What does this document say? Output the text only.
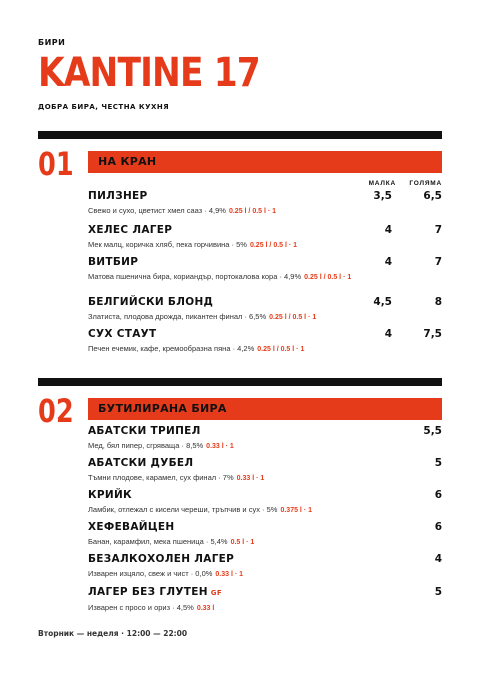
БИРИ
KANTINE 17
ДОБРА БИРА, ЧЕСТНА КУХНЯ
01	НА КРАН
МАЛКА ГОЛЯМА
ПИЛЗНЕР
Свежо и сухо, цветист хмел сааз · 4,9% 0.25 l / 0.5 l · 1
3,5	6,5
ХЕЛЕС ЛАГЕР
Мек малц, коричка хляб, пека горчивина · 5% 0.25 l / 0.5 l · 1
4	7
ВИТБИР
Матова пшенична бира, кориандър, портокалова кора · 4,9% 0.25 l / 0.5 l · 1
4	7
БЕЛГИЙСКИ БЛОНД
Златиста, плодова дрожда, пикантен финал · 6,5% 0.25 l / 0.5 l · 1
4,5	8
СУХ СТАУТ
Печен ечемик, кафе, кремообразна пяна · 4,2% 0.25 l / 0.5 l · 1
4	7,5
02	БУТИЛИРАНА БИРА
АБАТСКИ ТРИПЕЛ
Мед, бял пипер, сгряваща · 8,5% 0.33 l · 1
5,5
АБАТСКИ ДУБЕЛ
Тъмни плодове, карамел, сух финал · 7% 0.33 l · 1
5
КРИЙК
Ламбик, отлежал с кисели череши, тръпчив и сух · 5% 0.375 l · 1
6
ХЕФЕВАЙЦЕН
Банан, карамфил, мека пшеница · 5,4% 0.5 l · 1
6
БЕЗАЛКОХОЛЕН ЛАГЕР
Изварен изцяло, свеж и чист · 0,0% 0.33 l · 1
4
ЛАГЕР БЕЗ ГЛУТЕН GF
Изварен с просо и ориз · 4,5% 0.33 l
5
Вторник — неделя · 12:00 — 22:00
